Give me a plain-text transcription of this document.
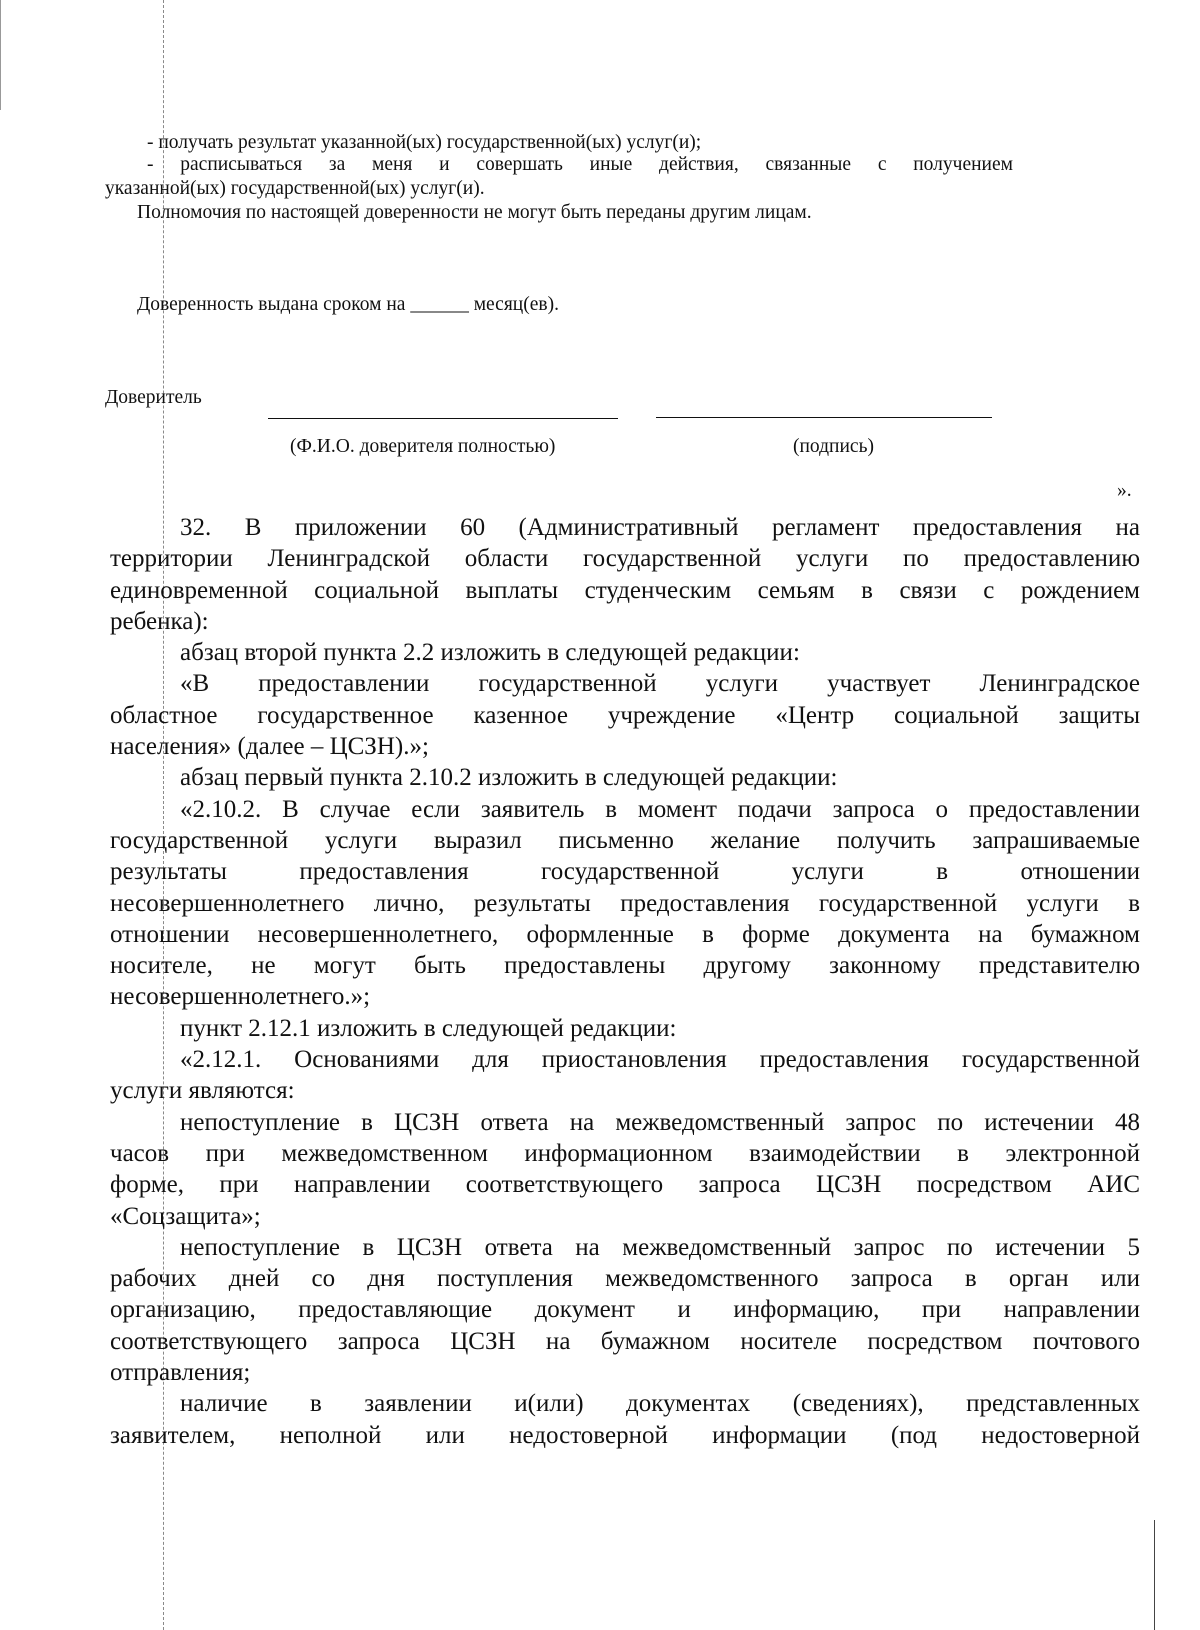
- получать результат указанной(ых) государственной(ых) услуг(и);
- расписываться за меня и совершать иные действия, связанные с получением
указанной(ых) государственной(ых) услуг(и).
Полномочия по настоящей доверенности не могут быть переданы другим лицам.
Доверенность выдана сроком на ______ месяц(ев).
Доверитель
(Ф.И.О. доверителя полностью)	(подпись)
».
32. В приложении 60 (Административный регламент предоставления на
территории Ленинградской области государственной услуги по предоставлению
единовременной социальной выплаты студенческим семьям в связи с рождением
ребенка):
абзац второй пункта 2.2 изложить в следующей редакции:
«В предоставлении государственной услуги участвует Ленинградское
областное государственное казенное учреждение «Центр социальной защиты
населения» (далее – ЦСЗН).»;
абзац первый пункта 2.10.2 изложить в следующей редакции:
«2.10.2. В случае если заявитель в момент подачи запроса о предоставлении
государственной услуги выразил письменно желание получить запрашиваемые
результаты предоставления государственной услуги в отношении
несовершеннолетнего лично, результаты предоставления государственной услуги в
отношении несовершеннолетнего, оформленные в форме документа на бумажном
носителе, не могут быть предоставлены другому законному представителю
несовершеннолетнего.»;
пункт 2.12.1 изложить в следующей редакции:
«2.12.1. Основаниями для приостановления предоставления государственной
услуги являются:
непоступление в ЦСЗН ответа на межведомственный запрос по истечении 48
часов при межведомственном информационном взаимодействии в электронной
форме, при направлении соответствующего запроса ЦСЗН посредством АИС
«Соцзащита»;
непоступление в ЦСЗН ответа на межведомственный запрос по истечении 5
рабочих дней со дня поступления межведомственного запроса в орган или
организацию, предоставляющие документ и информацию, при направлении
соответствующего запроса ЦСЗН на бумажном носителе посредством почтового
отправления;
наличие в заявлении и(или) документах (сведениях), представленных
заявителем, неполной или недостоверной информации (под недостоверной
